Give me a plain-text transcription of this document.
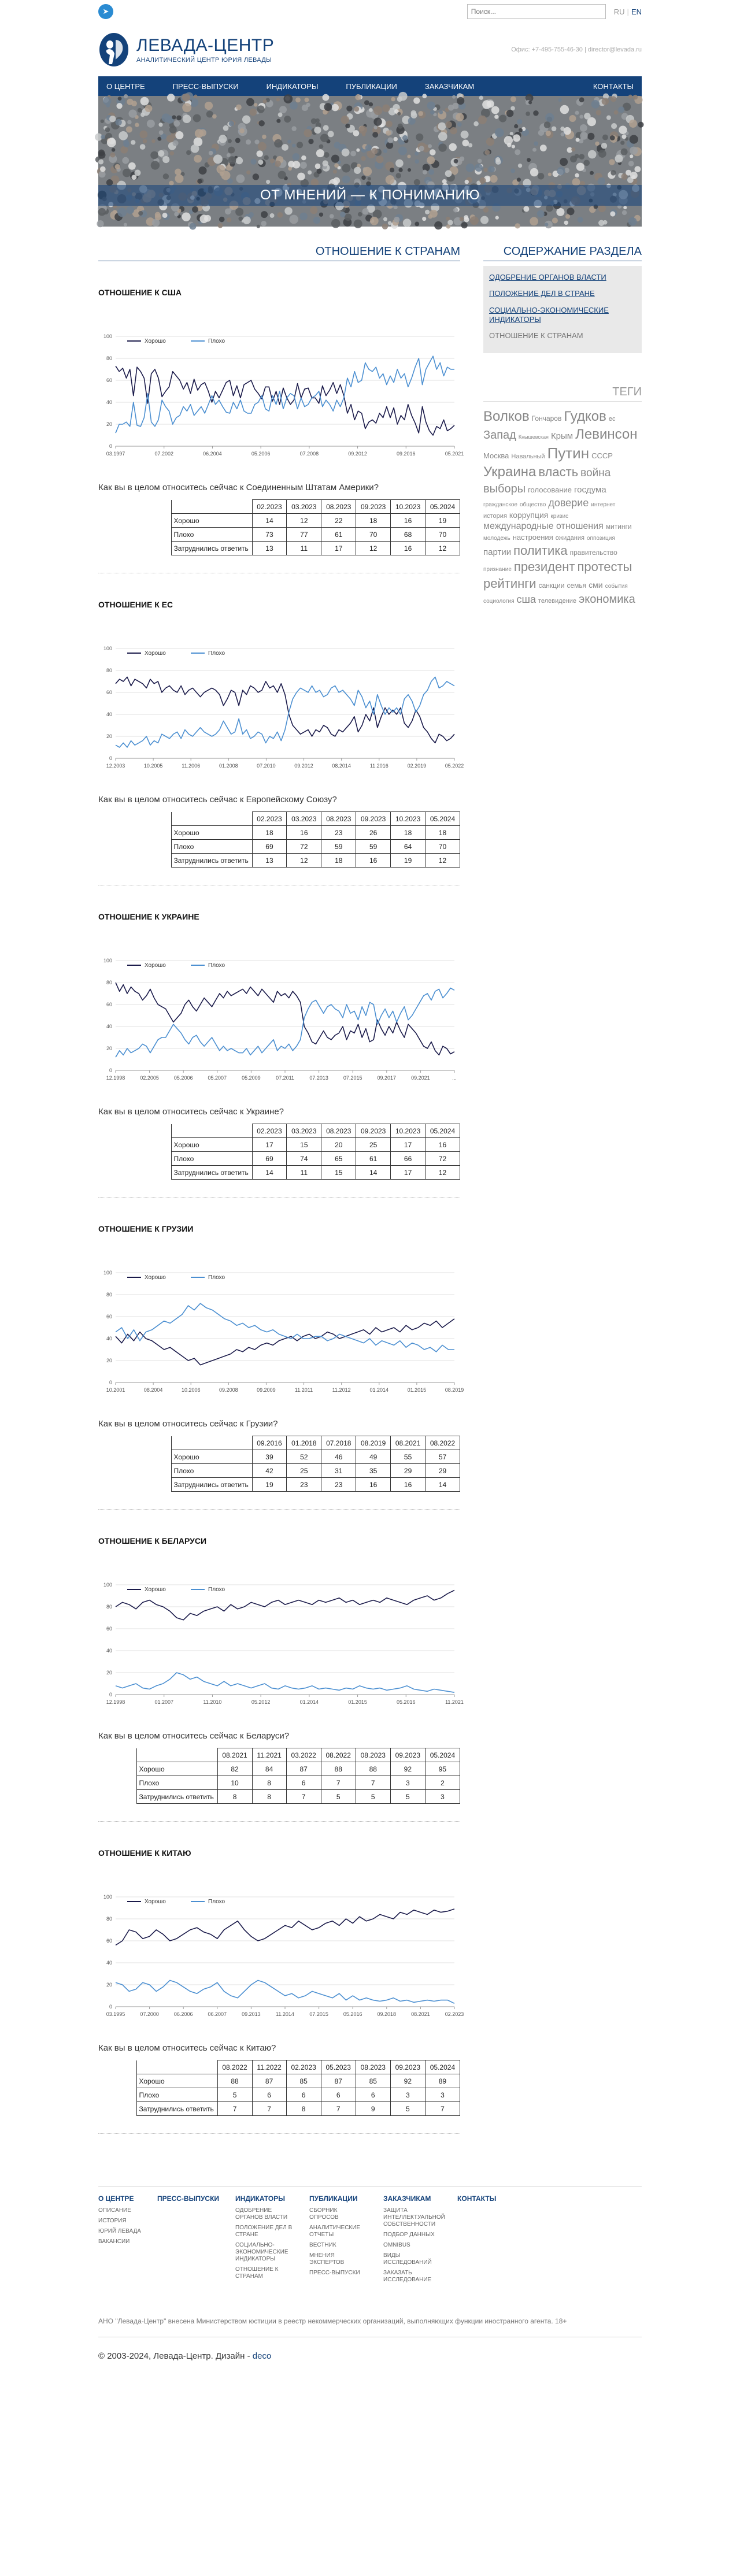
➤
Поиск...	RU | EN
ЛЕВАДА-ЦЕНТР
АНАЛИТИЧЕСКИЙ ЦЕНТР ЮРИЯ ЛЕВАДЫ
Офис: +7-495-755-46-30 | director@levada.ru
О ЦЕНТРЕ	ПРЕСС-ВЫПУСКИ	ИНДИКАТОРЫ	ПУБЛИКАЦИИ	ЗАКАЗЧИКАМ	КОНТАКТЫ
ОТ МНЕНИЙ — К ПОНИМАНИЮ
ОТНОШЕНИЕ К СТРАНАМ
ОТНОШЕНИЕ К США
0
20
40
60
80
100
03.1997	07.2002	06.2004	05.2006	07.2008	09.2012	09.2016	05.2021
Хорошо	Плохо
Как вы в целом относитесь сейчас к Соединенным Штатам Америки?
		02.2023	03.2023	08.2023	09.2023	10.2023	05.2024
	Хорошо	14	12	22	18	16	19
	Плохо	73	77	61	70	68	70
	Затруднились ответить	13	11	17	12	16	12
ОТНОШЕНИЕ К ЕС
0
20
40
60
80
100
12.2003	10.2005	11.2006	01.2008	07.2010	09.2012	08.2014	11.2016	02.2019	05.2022
Хорошо	Плохо
Как вы в целом относитесь сейчас к Европейскому Союзу?
		02.2023	03.2023	08.2023	09.2023	10.2023	05.2024
	Хорошо	18	16	23	26	18	18
	Плохо	69	72	59	59	64	70
	Затруднились ответить	13	12	18	16	19	12
ОТНОШЕНИЕ К УКРАИНЕ
0
20
40
60
80
100
12.1998	02.2005	05.2006	05.2007	05.2009	07.2011	07.2013	07.2015	09.2017	09.2021	...
Хорошо	Плохо
Как вы в целом относитесь сейчас к Украине?
		02.2023	03.2023	08.2023	09.2023	10.2023	05.2024
	Хорошо	17	15	20	25	17	16
	Плохо	69	74	65	61	66	72
	Затруднились ответить	14	11	15	14	17	12
ОТНОШЕНИЕ К ГРУЗИИ
0
20
40
60
80
100
10.2001	08.2004	10.2006	09.2008	09.2009	11.2011	11.2012	01.2014	01.2015	08.2019
Хорошо	Плохо
Как вы в целом относитесь сейчас к Грузии?
		09.2016	01.2018	07.2018	08.2019	08.2021	08.2022
	Хорошо	39	52	46	49	55	57
	Плохо	42	25	31	35	29	29
	Затруднились ответить	19	23	23	16	16	14
ОТНОШЕНИЕ К БЕЛАРУСИ
0
20
40
60
80
100
12.1998	01.2007	11.2010	05.2012	01.2014	01.2015	05.2016	11.2021
Хорошо	Плохо
Как вы в целом относитесь сейчас к Беларуси?
		08.2021	11.2021	03.2022	08.2022	08.2023	09.2023	05.2024
	Хорошо	82	84	87	88	88	92	95
	Плохо	10	8	6	7	7	3	2
	Затруднились ответить	8	8	7	5	5	5	3
ОТНОШЕНИЕ К КИТАЮ
0
20
40
60
80
100
03.1995	07.2000	06.2006	06.2007	09.2013	11.2014	07.2015	05.2016	09.2018	08.2021	02.2023
Хорошо	Плохо
Как вы в целом относитесь сейчас к Китаю?
		08.2022	11.2022	02.2023	05.2023	08.2023	09.2023	05.2024
	Хорошо	88	87	85	87	85	92	89
	Плохо	5	6	6	6	6	3	3
	Затруднились ответить	7	7	8	7	9	5	7
СОДЕРЖАНИЕ РАЗДЕЛА
ОДОБРЕНИЕ ОРГАНОВ ВЛАСТИ
ПОЛОЖЕНИЕ ДЕЛ В СТРАНЕ
СОЦИАЛЬНО-ЭКОНОМИЧЕСКИЕ ИНДИКАТОРЫ
ОТНОШЕНИЕ К СТРАНАМ
ТЕГИ
Волков Гончаров Гудков есЗапад Кнышевская Крым ЛевинсонМосква Навальный Путин СССРУкраина власть войнавыборы голосование госдумагражданское общество доверие интернетистория коррупция кризисмеждународные отношения митингимолодежь настроения ожидания оппозицияпартии политика правительствопризнание президент протестырейтинги санкции семья сми событиясоциология сша телевидение экономика
О ЦЕНТРЕ
ОПИСАНИЕ
ИСТОРИЯ
ЮРИЙ ЛЕВАДА
ВАКАНСИИ
ПРЕСС-ВЫПУСКИ ИНДИКАТОРЫ
ОДОБРЕНИЕ ОРГАНОВ ВЛАСТИ
ПОЛОЖЕНИЕ ДЕЛ В СТРАНЕ
СОЦИАЛЬНО-ЭКОНОМИЧЕСКИЕ ИНДИКАТОРЫ
ОТНОШЕНИЕ К СТРАНАМ
ПУБЛИКАЦИИ
СБОРНИК ОПРОСОВ
АНАЛИТИЧЕСКИЕ ОТЧЕТЫ
ВЕСТНИК
МНЕНИЯ ЭКСПЕРТОВ
ПРЕСС-ВЫПУСКИ
ЗАКАЗЧИКАМ
ЗАЩИТА ИНТЕЛЛЕКТУАЛЬНОЙ СОБСТВЕННОСТИ
ПОДБОР ДАННЫХ
OMNIBUS
ВИДЫ ИССЛЕДОВАНИЙ
ЗАКАЗАТЬ ИССЛЕДОВАНИЕ
КОНТАКТЫ
АНО "Левада-Центр" внесена Министерством юстиции в реестр некоммерческих организаций, выполняющих функции иностранного агента. 18+
© 2003-2024, Левада-Центр. Дизайн - deco
